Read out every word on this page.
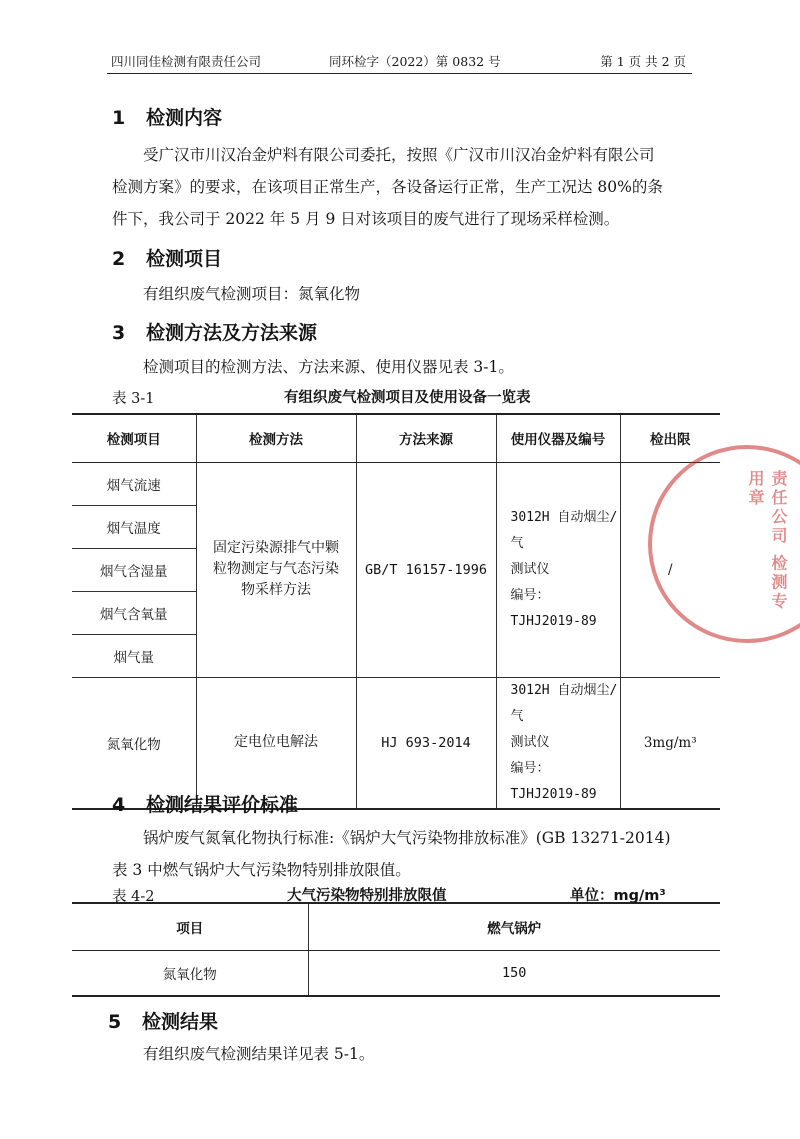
四川同佳检测有限责任公司	同环检字（2022）第 0832 号	第 1 页 共 2 页
1 检测内容
受广汉市川汉冶金炉料有限公司委托，按照《广汉市川汉冶金炉料有限公司
检测方案》的要求，在该项目正常生产，各设备运行正常，生产工况达 80%的条
件下，我公司于 2022 年 5 月 9 日对该项目的废气进行了现场采样检测。
2 检测项目
有组织废气检测项目：氮氧化物
3 检测方法及方法来源
检测项目的检测方法、方法来源、使用仪器见表 3-1。
表 3-1	有组织废气检测项目及使用设备一览表
检测项目	检测方法	方法来源	使用仪器及编号	检出限
烟气流速	固定污染源排气中颗粒物测定与气态污染物采样方法	GB/T 16157-1996	3012H 自动烟尘/气
测试仪
编号：TJHJ2019-89	/
烟气温度				
烟气含湿量				
烟气含氧量				
烟气量				
氮氧化物	定电位电解法	HJ 693-2014	3012H 自动烟尘/气
测试仪
编号：TJHJ2019-89	3mg/m³
4 检测结果评价标准
锅炉废气氮氧化物执行标准:《锅炉大气污染物排放标准》(GB 13271-2014)
表 3 中燃气锅炉大气污染物特别排放限值。
表 4-2	大气污染物特别排放限值	单位：mg/m³
项目	燃气锅炉
氮氧化物	150
5 检测结果
有组织废气检测结果详见表 5-1。
责任公司 检测专用章
